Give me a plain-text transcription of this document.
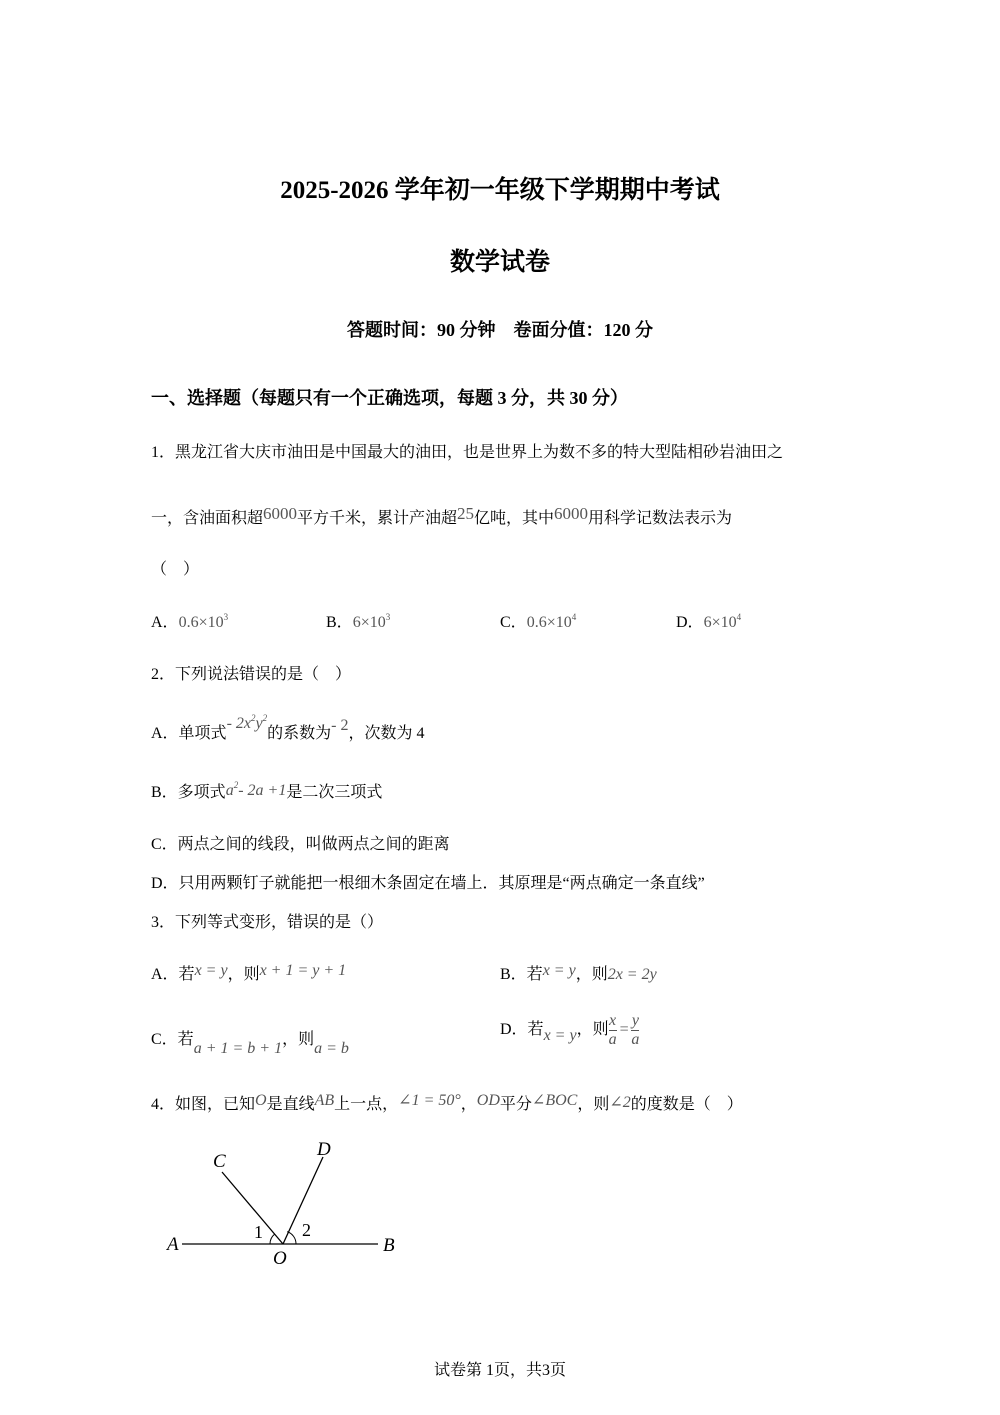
2025-2026 学年初一年级下学期期中考试
数学试卷
答题时间：90 分钟　卷面分值：120 分
一、选择题（每题只有一个正确选项，每题 3 分，共 30 分）
1．黑龙江省大庆市油田是中国最大的油田，也是世界上为数不多的特大型陆相砂岩油田之
一，含油面积超6000平方千米，累计产油超25亿吨，其中6000用科学记数法表示为
（　）
A．$0.6\times 10^3$	B．$6\times 10^3$	C．$0.6\times 10^4$	D．$6\times 10^4$
2．下列说法错误的是（　）
A．单项式- $2x^2y^2$的系数为- 2，次数为 4
B．多项式$a^2-$ 2a +1是二次三项式
C．两点之间的线段，叫做两点之间的距离
D．只用两颗钉子就能把一根细木条固定在墙上．其原理是“两点确定一条直线”
3．下列等式变形，错误的是（）
A．若x = y，则x + 1 = y + 1	B．若x = y，则2x = 2y
C．若a + 1 = b + 1，则a = b
D．若x = y，则 $\frac{x}{a} = \frac{y}{a}$
4．如图，已知O是直线AB上一点，∠1 = 50°，OD平分∠BOC，则∠2的度数是（　）
A	B
C
D
O
1 2
试卷第 1页，共3页
